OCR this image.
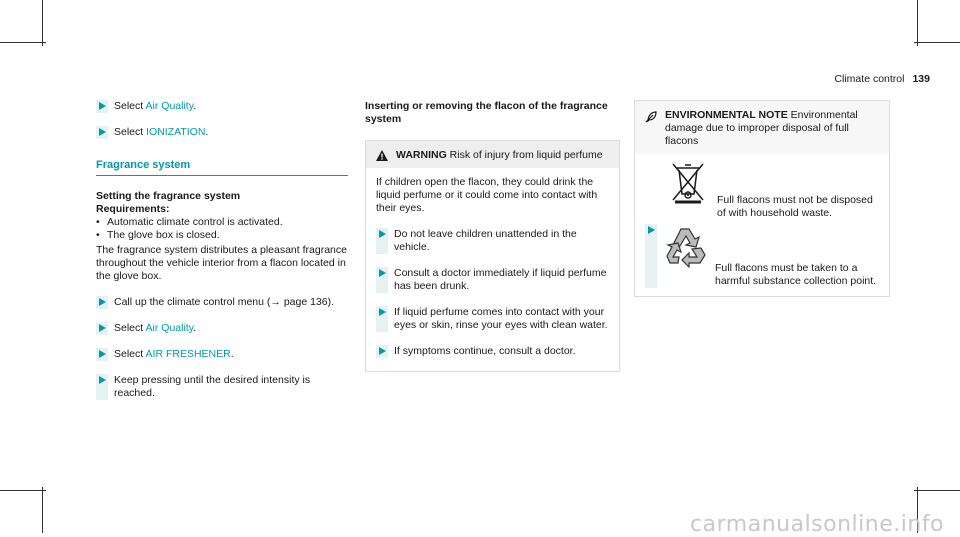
Climate control 139
Select Air Quality.
Select IONIZATION.
Fragrance system
Setting the fragrance system
Requirements:
• Automatic climate control is activated.
• The glove box is closed.

The fragrance system distributes a pleasant fragrance throughout the vehicle interior from a flacon located in the glove box.

Call up the climate control menu (→ page 136).
Select Air Quality.
Select AIR FRESHENER.
Keep pressing until the desired intensity is reached.
Inserting or removing the flacon of the fragrance system
WARNING Risk of injury from liquid perfume

If children open the flacon, they could drink the liquid perfume or it could come into contact with their eyes.

Do not leave children unattended in the vehicle.
Consult a doctor immediately if liquid perfume has been drunk.
If liquid perfume comes into contact with your eyes or skin, rinse your eyes with clean water.
If symptoms continue, consult a doctor.
ENVIRONMENTAL NOTE Environmental damage due to improper disposal of full flacons
Full flacons must not be disposed of with household waste.
Full flacons must be taken to a harmful substance collection point.
carmanualsonline.info
